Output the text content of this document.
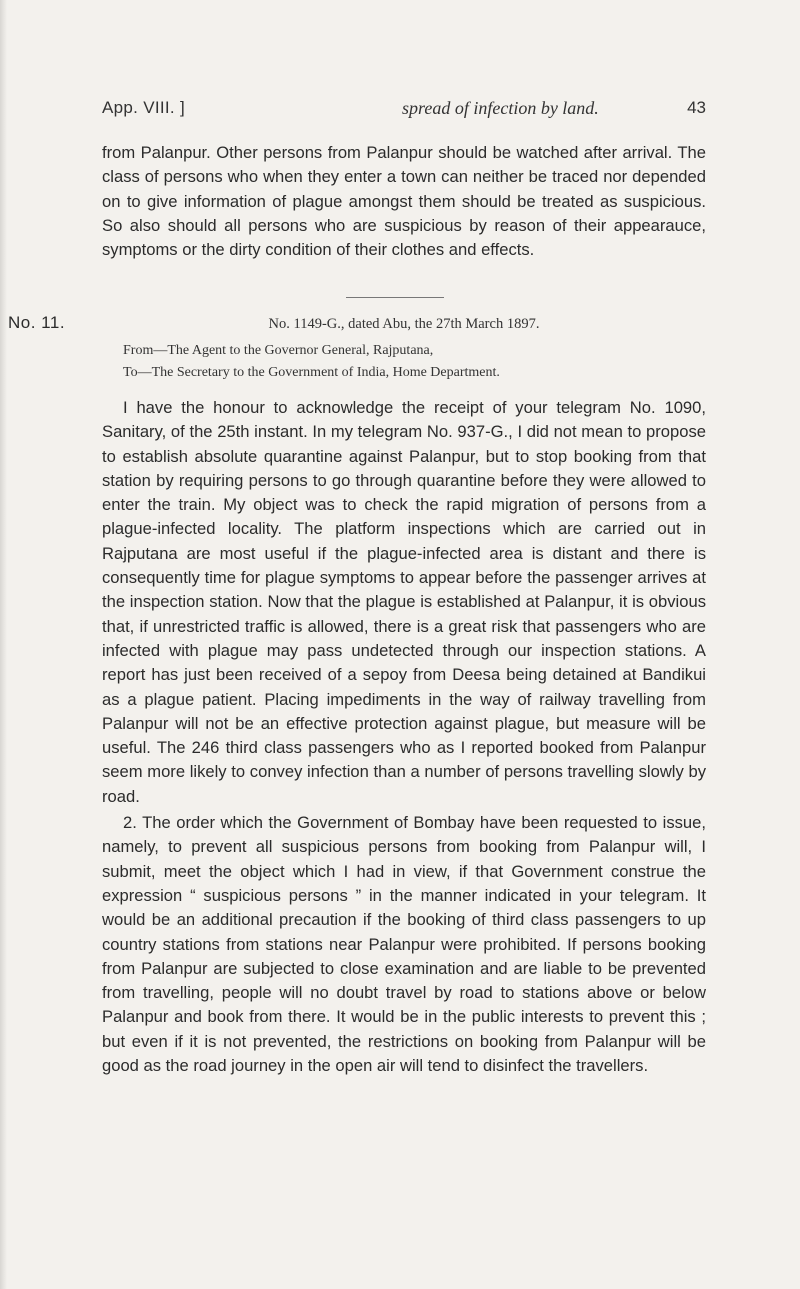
App. VIII. ]	spread of infection by land.	43

from Palanpur. Other persons from Palanpur should be watched after arrival. The class of persons who when they enter a town can neither be traced nor depended on to give information of plague amongst them should be treated as suspicious. So also should all persons who are suspicious by reason of their appearauce, symptoms or the dirty condition of their clothes and effects.

No. 11.	No. 1149-G., dated Abu, the 27th March 1897.
From—The Agent to the Governor General, Rajputana,
To—The Secretary to the Government of India, Home Department.

I have the honour to acknowledge the receipt of your telegram No. 1090, Sanitary, of the 25th instant. In my telegram No. 937-G., I did not mean to propose to establish absolute quarantine against Palanpur, but to stop booking from that station by requiring persons to go through quarantine before they were allowed to enter the train. My object was to check the rapid migration of persons from a plague-infected locality. The platform inspections which are carried out in Rajputana are most useful if the plague-infected area is distant and there is consequently time for plague symptoms to appear before the passenger arrives at the inspection station. Now that the plague is established at Palanpur, it is obvious that, if unrestricted traffic is allowed, there is a great risk that passengers who are infected with plague may pass undetected through our inspection stations. A report has just been received of a sepoy from Deesa being detained at Bandikui as a plague patient. Placing impediments in the way of railway travelling from Palanpur will not be an effective protection against plague, but measure will be useful. The 246 third class passengers who as I reported booked from Palanpur seem more likely to convey infection than a number of persons travelling slowly by road.

2. The order which the Government of Bombay have been requested to issue, namely, to prevent all suspicious persons from booking from Palanpur will, I submit, meet the object which I had in view, if that Government construe the expression “ suspicious persons ” in the manner indicated in your telegram. It would be an additional precaution if the booking of third class passengers to up country stations from stations near Palanpur were prohibited. If persons booking from Palanpur are subjected to close examination and are liable to be prevented from travelling, people will no doubt travel by road to stations above or below Palanpur and book from there. It would be in the public interests to prevent this ; but even if it is not prevented, the restrictions on booking from Palanpur will be good as the road journey in the open air will tend to disinfect the travellers.
